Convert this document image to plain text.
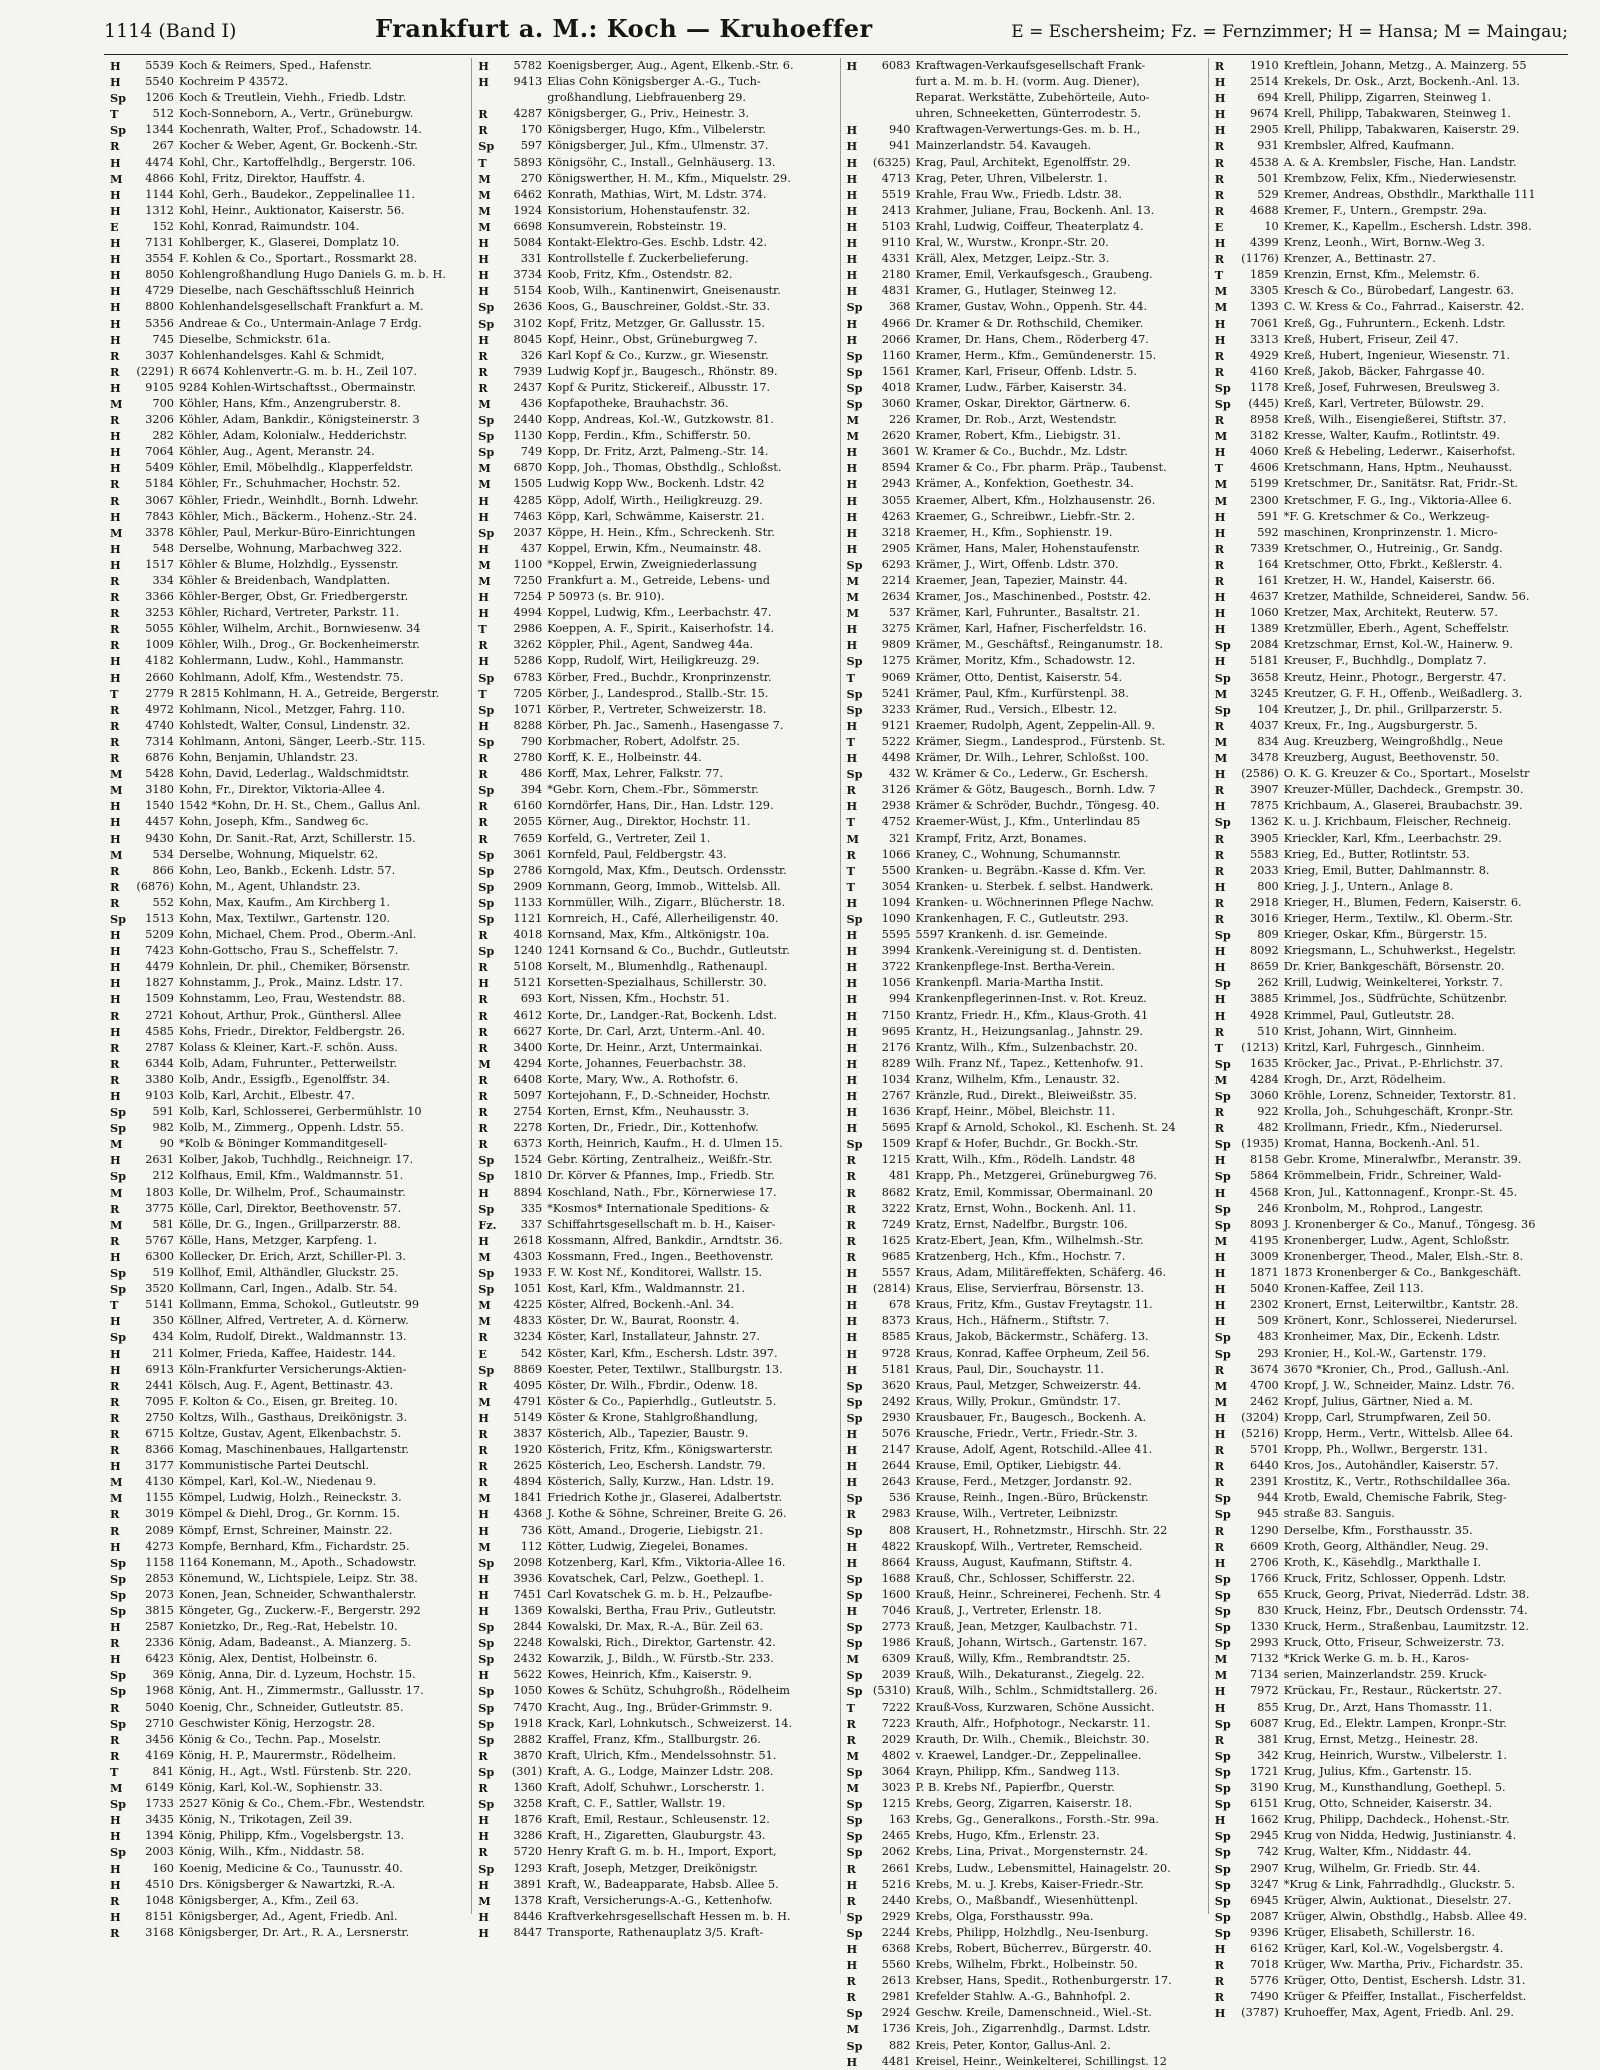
1114 (Band I)	Frankfurt a. M.: Koch — Kruhoeffer	E = Eschersheim; Fz. = Fernzimmer; H = Hansa; M = Maingau;
H	5539 Koch & Reimers, Sped., Hafenstr.
H	5540 Kochreim P 43572.
Sp	1206 Koch & Treutlein, Viehh., Friedb. Ldstr.
T	512 Koch-Sonneborn, A., Vertr., Grüneburgw.
Sp	1344 Kochenrath, Walter, Prof., Schadowstr. 14.
R	267 Kocher & Weber, Agent, Gr. Bockenh.-Str.
H	4474 Kohl, Chr., Kartoffelhdlg., Bergerstr. 106.
M	4866 Kohl, Fritz, Direktor, Hauffstr. 4.
H	1144 Kohl, Gerh., Baudekor., Zeppelinallee 11.
H	1312 Kohl, Heinr., Auktionator, Kaiserstr. 56.
E	152 Kohl, Konrad, Raimundstr. 104.
H	7131 Kohlberger, K., Glaserei, Domplatz 10.
H	3554 F. Kohlen & Co., Sportart., Rossmarkt 28.
H	8050 Kohlengroßhandlung Hugo Daniels G. m. b. H.
H	4729 Dieselbe, nach Geschäftsschluß Heinrich
H	8800 Kohlenhandelsgesellschaft Frankfurt a. M.
H	5356 Andreae & Co., Untermain-Anlage 7 Erdg.
H	745 Dieselbe, Schmickstr. 61a.
R	3037 Kohlenhandelsges. Kahl & Schmidt,
R	(2291) R 6674 Kohlenvertr.-G. m. b. H., Zeil 107.
H	9105 9284 Kohlen-Wirtschaftsst., Obermainstr.
M	700 Köhler, Hans, Kfm., Anzengruberstr. 8.
R	3206 Köhler, Adam, Bankdir., Königsteinerstr. 3
H	282 Köhler, Adam, Kolonialw., Hedderichstr.
H	7064 Köhler, Aug., Agent, Meranstr. 24.
H	5409 Köhler, Emil, Möbelhdlg., Klapperfeldstr.
R	5184 Köhler, Fr., Schuhmacher, Hochstr. 52.
R	3067 Köhler, Friedr., Weinhdlt., Bornh. Ldwehr.
H	7843 Köhler, Mich., Bäckerm., Hohenz.-Str. 24.
M	3378 Köhler, Paul, Merkur-Büro-Einrichtungen
H	548 Derselbe, Wohnung, Marbachweg 322.
H	1517 Köhler & Blume, Holzhdlg., Eyssenstr.
R	334 Köhler & Breidenbach, Wandplatten.
R	3366 Köhler-Berger, Obst, Gr. Friedbergerstr.
R	3253 Köhler, Richard, Vertreter, Parkstr. 11.
R	5055 Köhler, Wilhelm, Archit., Bornwiesenw. 34
R	1009 Köhler, Wilh., Drog., Gr. Bockenheimerstr.
H	4182 Kohlermann, Ludw., Kohl., Hammanstr.
H	2660 Kohlmann, Adolf, Kfm., Westendstr. 75.
T	2779 R 2815 Kohlmann, H. A., Getreide, Bergerstr.
R	4972 Kohlmann, Nicol., Metzger, Fahrg. 110.
R	4740 Kohlstedt, Walter, Consul, Lindenstr. 32.
R	7314 Kohlmann, Antoni, Sänger, Leerb.-Str. 115.
R	6876 Kohn, Benjamin, Uhlandstr. 23.
M	5428 Kohn, David, Lederlag., Waldschmidtstr.
M	3180 Kohn, Fr., Direktor, Viktoria-Allee 4.
H	1540 1542 *Kohn, Dr. H. St., Chem., Gallus Anl.
H	4457 Kohn, Joseph, Kfm., Sandweg 6c.
H	9430 Kohn, Dr. Sanit.-Rat, Arzt, Schillerstr. 15.
M	534 Derselbe, Wohnung, Miquelstr. 62.
R	866 Kohn, Leo, Bankb., Eckenh. Ldstr. 57.
R	(6876) Kohn, M., Agent, Uhlandstr. 23.
R	552 Kohn, Max, Kaufm., Am Kirchberg 1.
Sp	1513 Kohn, Max, Textilwr., Gartenstr. 120.
H	5209 Kohn, Michael, Chem. Prod., Oberm.-Anl.
H	7423 Kohn-Gottscho, Frau S., Scheffelstr. 7.
H	4479 Kohnlein, Dr. phil., Chemiker, Börsenstr.
H	1827 Kohnstamm, J., Prok., Mainz. Ldstr. 17.
H	1509 Kohnstamm, Leo, Frau, Westendstr. 88.
R	2721 Kohout, Arthur, Prok., Günthersl. Allee
H	4585 Kohs, Friedr., Direktor, Feldbergstr. 26.
R	2787 Kolass & Kleiner, Kart.-F. schön. Auss.
R	6344 Kolb, Adam, Fuhrunter., Petterweilstr.
R	3380 Kolb, Andr., Essigfb., Egenolffstr. 34.
H	9103 Kolb, Karl, Archit., Elbestr. 47.
Sp	591 Kolb, Karl, Schlosserei, Gerbermühlstr. 10
Sp	982 Kolb, M., Zimmerg., Oppenh. Ldstr. 55.
M	90 *Kolb & Böninger Kommanditgesell-
H	2631 Kolber, Jakob, Tuchhdlg., Reichneigr. 17.
Sp	212 Kolfhaus, Emil, Kfm., Waldmannstr. 51.
M	1803 Kolle, Dr. Wilhelm, Prof., Schaumainstr.
R	3775 Kölle, Carl, Direktor, Beethovenstr. 57.
M	581 Kölle, Dr. G., Ingen., Grillparzerstr. 88.
R	5767 Kölle, Hans, Metzger, Karpfeng. 1.
H	6300 Kollecker, Dr. Erich, Arzt, Schiller-Pl. 3.
Sp	519 Kollhof, Emil, Althändler, Gluckstr. 25.
Sp	3520 Kollmann, Carl, Ingen., Adalb. Str. 54.
T	5141 Kollmann, Emma, Schokol., Gutleutstr. 99
H	350 Köllner, Alfred, Vertreter, A. d. Körnerw.
Sp	434 Kolm, Rudolf, Direkt., Waldmannstr. 13.
H	211 Kolmer, Frieda, Kaffee, Haidestr. 144.
H	6913 Köln-Frankfurter Versicherungs-Aktien-
R	2441 Kölsch, Aug. F., Agent, Bettinastr. 43.
R	7095 F. Kolton & Co., Eisen, gr. Breiteg. 10.
R	2750 Koltzs, Wilh., Gasthaus, Dreikönigstr. 3.
R	6715 Koltze, Gustav, Agent, Elkenbachstr. 5.
R	8366 Komag, Maschinenbaues, Hallgartenstr.
H	3177 Kommunistische Partei Deutschl.
M	4130 Kömpel, Karl, Kol.-W., Niedenau 9.
M	1155 Kömpel, Ludwig, Holzh., Reineckstr. 3.
R	3019 Kömpel & Diehl, Drog., Gr. Kornm. 15.
R	2089 Kömpf, Ernst, Schreiner, Mainstr. 22.
H	4273 Kompfe, Bernhard, Kfm., Fichardstr. 25.
Sp	1158 1164 Konemann, M., Apoth., Schadowstr.
Sp	2853 Könemund, W., Lichtspiele, Leipz. Str. 38.
Sp	2073 Konen, Jean, Schneider, Schwanthalerstr.
Sp	3815 Köngeter, Gg., Zuckerw.-F., Bergerstr. 292
H	2587 Konietzko, Dr., Reg.-Rat, Hebelstr. 10.
R	2336 König, Adam, Badeanst., A. Mianzerg. 5.
H	6423 König, Alex, Dentist, Holbeinstr. 6.
Sp	369 König, Anna, Dir. d. Lyzeum, Hochstr. 15.
Sp	1968 König, Ant. H., Zimmermstr., Gallusstr. 17.
R	5040 Koenig, Chr., Schneider, Gutleutstr. 85.
Sp	2710 Geschwister König, Herzogstr. 28.
R	3456 König & Co., Techn. Pap., Moselstr.
R	4169 König, H. P., Maurermstr., Rödelheim.
T	841 König, H., Agt., Wstl. Fürstenb. Str. 220.
M	6149 König, Karl, Kol.-W., Sophienstr. 33.
Sp	1733 2527 König & Co., Chem.-Fbr., Westendstr.
H	3435 König, N., Trikotagen, Zeil 39.
H	1394 König, Philipp, Kfm., Vogelsbergstr. 13.
Sp	2003 König, Wilh., Kfm., Niddastr. 58.
H	160 Koenig, Medicine & Co., Taunusstr. 40.
H	4510 Drs. Königsberger & Nawartzki, R.-A.
R	1048 Königsberger, A., Kfm., Zeil 63.
H	8151 Königsberger, Ad., Agent, Friedb. Anl.
R	3168 Königsberger, Dr. Art., R. A., Lersnerstr.
H	5782 Koenigsberger, Aug., Agent, Elkenb.-Str. 6.
H	9413 Elias Cohn Königsberger A.-G., Tuch-
großhandlung, Liebfrauenberg 29.
R	4287 Königsberger, G., Priv., Heinestr. 3.
R	170 Königsberger, Hugo, Kfm., Vilbelerstr.
Sp	597 Königsberger, Jul., Kfm., Ulmenstr. 37.
T	5893 Königsöhr, C., Install., Gelnhäuserg. 13.
M	270 Königswerther, H. M., Kfm., Miquelstr. 29.
M	6462 Konrath, Mathias, Wirt, M. Ldstr. 374.
M	1924 Konsistorium, Hohenstaufenstr. 32.
M	6698 Konsumverein, Robsteinstr. 19.
H	5084 Kontakt-Elektro-Ges. Eschb. Ldstr. 42.
H	331 Kontrollstelle f. Zuckerbelieferung.
H	3734 Koob, Fritz, Kfm., Ostendstr. 82.
H	5154 Koob, Wilh., Kantinenwirt, Gneisenaustr.
Sp	2636 Koos, G., Bauschreiner, Goldst.-Str. 33.
Sp	3102 Kopf, Fritz, Metzger, Gr. Gallusstr. 15.
H	8045 Kopf, Heinr., Obst, Grüneburgweg 7.
R	326 Karl Kopf & Co., Kurzw., gr. Wiesenstr.
R	7939 Ludwig Kopf jr., Baugesch., Rhönstr. 89.
R	2437 Kopf & Puritz, Stickereif., Albusstr. 17.
M	436 Kopfapotheke, Brauhachstr. 36.
Sp	2440 Kopp, Andreas, Kol.-W., Gutzkowstr. 81.
Sp	1130 Kopp, Ferdin., Kfm., Schifferstr. 50.
Sp	749 Kopp, Dr. Fritz, Arzt, Palmeng.-Str. 14.
M	6870 Kopp, Joh., Thomas, Obsthdlg., Schloßst.
M	1505 Ludwig Kopp Ww., Bockenh. Ldstr. 42
H	4285 Köpp, Adolf, Wirth., Heiligkreuzg. 29.
H	7463 Köpp, Karl, Schwämme, Kaiserstr. 21.
Sp	2037 Köppe, H. Hein., Kfm., Schreckenh. Str.
H	437 Koppel, Erwin, Kfm., Neumainstr. 48.
M	1100 *Koppel, Erwin, Zweigniederlassung
M	7250 Frankfurt a. M., Getreide, Lebens- und
H	7254 P 50973 (s. Br. 910).
H	4994 Koppel, Ludwig, Kfm., Leerbachstr. 47.
T	2986 Koeppen, A. F., Spirit., Kaiserhofstr. 14.
R	3262 Köppler, Phil., Agent, Sandweg 44a.
H	5286 Kopp, Rudolf, Wirt, Heiligkreuzg. 29.
Sp	6783 Körber, Fred., Buchdr., Kronprinzenstr.
T	7205 Körber, J., Landesprod., Stallb.-Str. 15.
Sp	1071 Körber, P., Vertreter, Schweizerstr. 18.
H	8288 Körber, Ph. Jac., Samenh., Hasengasse 7.
Sp	790 Korbmacher, Robert, Adolfstr. 25.
R	2780 Korff, K. E., Holbeinstr. 44.
R	486 Korff, Max, Lehrer, Falkstr. 77.
Sp	394 *Gebr. Korn, Chem.-Fbr., Sömmerstr.
R	6160 Korndörfer, Hans, Dir., Han. Ldstr. 129.
R	2055 Körner, Aug., Direktor, Hochstr. 11.
R	7659 Korfeld, G., Vertreter, Zeil 1.
Sp	3061 Kornfeld, Paul, Feldbergstr. 43.
Sp	2786 Korngold, Max, Kfm., Deutsch. Ordensstr.
Sp	2909 Kornmann, Georg, Immob., Wittelsb. All.
Sp	1133 Kornmüller, Wilh., Zigarr., Blücherstr. 18.
Sp	1121 Kornreich, H., Café, Allerheiligenstr. 40.
R	4018 Kornsand, Max, Kfm., Altkönigstr. 10a.
Sp	1240 1241 Kornsand & Co., Buchdr., Gutleutstr.
R	5108 Korselt, M., Blumenhdlg., Rathenaupl.
H	5121 Korsetten-Spezialhaus, Schillerstr. 30.
R	693 Kort, Nissen, Kfm., Hochstr. 51.
R	4612 Korte, Dr., Landger.-Rat, Bockenh. Ldst.
R	6627 Korte, Dr. Carl, Arzt, Unterm.-Anl. 40.
R	3400 Korte, Dr. Heinr., Arzt, Untermainkai.
M	4294 Korte, Johannes, Feuerbachstr. 38.
R	6408 Korte, Mary, Ww., A. Rothofstr. 6.
R	5097 Kortejohann, F., D.-Schneider, Hochstr.
R	2754 Korten, Ernst, Kfm., Neuhausstr. 3.
R	2278 Korten, Dr., Friedr., Dir., Kottenhofw.
R	6373 Korth, Heinrich, Kaufm., H. d. Ulmen 15.
Sp	1524 Gebr. Körting, Zentralheiz., Weißfr.-Str.
Sp	1810 Dr. Körver & Pfannes, Imp., Friedb. Str.
H	8894 Koschland, Nath., Fbr., Körnerwiese 17.
Sp	335 *Kosmos* Internationale Speditions- &
Fz.	337 Schiffahrtsgesellschaft m. b. H., Kaiser-
H	2618 Kossmann, Alfred, Bankdir., Arndtstr. 36.
M	4303 Kossmann, Fred., Ingen., Beethovenstr.
Sp	1933 F. W. Kost Nf., Konditorei, Wallstr. 15.
Sp	1051 Kost, Karl, Kfm., Waldmannstr. 21.
M	4225 Köster, Alfred, Bockenh.-Anl. 34.
M	4833 Köster, Dr. W., Baurat, Roonstr. 4.
R	3234 Köster, Karl, Installateur, Jahnstr. 27.
E	542 Köster, Karl, Kfm., Eschersh. Ldstr. 397.
Sp	8869 Koester, Peter, Textilwr., Stallburgstr. 13.
R	4095 Köster, Dr. Wilh., Fbrdir., Odenw. 18.
M	4791 Köster & Co., Papierhdlg., Gutleutstr. 5.
H	5149 Köster & Krone, Stahlgroßhandlung,
R	3837 Kösterich, Alb., Tapezier, Baustr. 9.
R	1920 Kösterich, Fritz, Kfm., Königswarterstr.
R	2625 Kösterich, Leo, Eschersh. Landstr. 79.
R	4894 Kösterich, Sally, Kurzw., Han. Ldstr. 19.
M	1841 Friedrich Kothe jr., Glaserei, Adalbertstr.
H	4368 J. Kothe & Söhne, Schreiner, Breite G. 26.
H	736 Kött, Amand., Drogerie, Liebigstr. 21.
M	112 Kötter, Ludwig, Ziegelei, Bonames.
Sp	2098 Kotzenberg, Karl, Kfm., Viktoria-Allee 16.
H	3936 Kovatschek, Carl, Pelzw., Goethepl. 1.
H	7451 Carl Kovatschek G. m. b. H., Pelzaufbe-
H	1369 Kowalski, Bertha, Frau Priv., Gutleutstr.
Sp	2844 Kowalski, Dr. Max, R.-A., Bür. Zeil 63.
Sp	2248 Kowalski, Rich., Direktor, Gartenstr. 42.
Sp	2432 Kowarzik, J., Bildh., W. Fürstb.-Str. 233.
H	5622 Kowes, Heinrich, Kfm., Kaiserstr. 9.
Sp	1050 Kowes & Schütz, Schuhgroßh., Rödelheim
Sp	7470 Kracht, Aug., Ing., Brüder-Grimmstr. 9.
Sp	1918 Krack, Karl, Lohnkutsch., Schweizerst. 14.
Sp	2882 Kraffel, Franz, Kfm., Stallburgstr. 26.
R	3870 Kraft, Ulrich, Kfm., Mendelssohnstr. 51.
Sp	(301) Kraft, A. G., Lodge, Mainzer Ldstr. 208.
R	1360 Kraft, Adolf, Schuhwr., Lorscherstr. 1.
Sp	3258 Kraft, C. F., Sattler, Wallstr. 19.
H	1876 Kraft, Emil, Restaur., Schleusenstr. 12.
H	3286 Kraft, H., Zigaretten, Glauburgstr. 43.
R	5720 Henry Kraft G. m. b. H., Import, Export,
Sp	1293 Kraft, Joseph, Metzger, Dreikönigstr.
H	3891 Kraft, W., Badeapparate, Habsb. Allee 5.
M	1378 Kraft, Versicherungs-A.-G., Kettenhofw.
H	8446 Kraftverkehrsgesellschaft Hessen m. b. H.
H	8447 Transporte, Rathenauplatz 3/5. Kraft-
H	6083 Kraftwagen-Verkaufsgesellschaft Frank-
furt a. M. m. b. H. (vorm. Aug. Diener),
Reparat. Werkstätte, Zubehörteile, Auto-
uhren, Schneeketten, Günterrodestr. 5.
H	940 Kraftwagen-Verwertungs-Ges. m. b. H.,
H	941 Mainzerlandstr. 54. Kavaugeh.
H	(6325) Krag, Paul, Architekt, Egenolffstr. 29.
H	4713 Krag, Peter, Uhren, Vilbelerstr. 1.
H	5519 Krahle, Frau Ww., Friedb. Ldstr. 38.
H	2413 Krahmer, Juliane, Frau, Bockenh. Anl. 13.
H	5103 Krahl, Ludwig, Coiffeur, Theaterplatz 4.
H	9110 Kral, W., Wurstw., Kronpr.-Str. 20.
H	4331 Kräll, Alex, Metzger, Leipz.-Str. 3.
H	2180 Kramer, Emil, Verkaufsgesch., Graubeng.
H	4831 Kramer, G., Hutlager, Steinweg 12.
Sp	368 Kramer, Gustav, Wohn., Oppenh. Str. 44.
H	4966 Dr. Kramer & Dr. Rothschild, Chemiker.
H	2066 Kramer, Dr. Hans, Chem., Röderberg 47.
Sp	1160 Kramer, Herm., Kfm., Gemündenerstr. 15.
Sp	1561 Kramer, Karl, Friseur, Offenb. Ldstr. 5.
Sp	4018 Kramer, Ludw., Färber, Kaiserstr. 34.
Sp	3060 Kramer, Oskar, Direktor, Gärtnerw. 6.
M	226 Kramer, Dr. Rob., Arzt, Westendstr.
M	2620 Kramer, Robert, Kfm., Liebigstr. 31.
H	3601 W. Kramer & Co., Buchdr., Mz. Ldstr.
H	8594 Kramer & Co., Fbr. pharm. Präp., Taubenst.
H	2943 Krämer, A., Konfektion, Goethestr. 34.
H	3055 Kraemer, Albert, Kfm., Holzhausenstr. 26.
H	4263 Kraemer, G., Schreibwr., Liebfr.-Str. 2.
H	3218 Kraemer, H., Kfm., Sophienstr. 19.
H	2905 Krämer, Hans, Maler, Hohenstaufenstr.
Sp	6293 Krämer, J., Wirt, Offenb. Ldstr. 370.
M	2214 Kraemer, Jean, Tapezier, Mainstr. 44.
M	2634 Kramer, Jos., Maschinenbed., Poststr. 42.
M	537 Krämer, Karl, Fuhrunter., Basaltstr. 21.
H	3275 Krämer, Karl, Hafner, Fischerfeldstr. 16.
H	9809 Krämer, M., Geschäftsf., Reinganumstr. 18.
Sp	1275 Krämer, Moritz, Kfm., Schadowstr. 12.
T	9069 Krämer, Otto, Dentist, Kaiserstr. 54.
Sp	5241 Krämer, Paul, Kfm., Kurfürstenpl. 38.
Sp	3233 Krämer, Rud., Versich., Elbestr. 12.
H	9121 Kraemer, Rudolph, Agent, Zeppelin-All. 9.
T	5222 Krämer, Siegm., Landesprod., Fürstenb. St.
H	4498 Krämer, Dr. Wilh., Lehrer, Schloßst. 100.
Sp	432 W. Krämer & Co., Lederw., Gr. Eschersh.
R	3126 Krämer & Götz, Baugesch., Bornh. Ldw. 7
H	2938 Krämer & Schröder, Buchdr., Töngesg. 40.
T	4752 Kraemer-Wüst, J., Kfm., Unterlindau 85
M	321 Krampf, Fritz, Arzt, Bonames.
R	1066 Kraney, C., Wohnung, Schumannstr.
T	5500 Kranken- u. Begräbn.-Kasse d. Kfm. Ver.
T	3054 Kranken- u. Sterbek. f. selbst. Handwerk.
H	1094 Kranken- u. Wöchnerinnen Pflege Nachw.
Sp	1090 Krankenhagen, F. C., Gutleutstr. 293.
H	5595 5597 Krankenh. d. isr. Gemeinde.
H	3994 Krankenk.-Vereinigung st. d. Dentisten.
H	3722 Krankenpflege-Inst. Bertha-Verein.
H	1056 Krankenpfl. Maria-Martha Instit.
H	994 Krankenpflegerinnen-Inst. v. Rot. Kreuz.
H	7150 Krantz, Friedr. H., Kfm., Klaus-Groth. 41
H	9695 Krantz, H., Heizungsanlag., Jahnstr. 29.
H	2176 Krantz, Wilh., Kfm., Sulzenbachstr. 20.
H	8289 Wilh. Franz Nf., Tapez., Kettenhofw. 91.
H	1034 Kranz, Wilhelm, Kfm., Lenaustr. 32.
H	2767 Kränzle, Rud., Direkt., Bleiweißstr. 35.
H	1636 Krapf, Heinr., Möbel, Bleichstr. 11.
H	5695 Krapf & Arnold, Schokol., Kl. Eschenh. St. 24
Sp	1509 Krapf & Hofer, Buchdr., Gr. Bockh.-Str.
R	1215 Kratt, Wilh., Kfm., Rödelh. Landstr. 48
R	481 Krapp, Ph., Metzgerei, Grüneburgweg 76.
R	8682 Kratz, Emil, Kommissar, Obermainanl. 20
R	3222 Kratz, Ernst, Wohn., Bockenh. Anl. 11.
R	7249 Kratz, Ernst, Nadelfbr., Burgstr. 106.
R	1625 Kratz-Ebert, Jean, Kfm., Wilhelmsh.-Str.
R	9685 Kratzenberg, Hch., Kfm., Hochstr. 7.
H	5557 Kraus, Adam, Militäreffekten, Schäferg. 46.
H	(2814) Kraus, Elise, Servierfrau, Börsenstr. 13.
H	678 Kraus, Fritz, Kfm., Gustav Freytagstr. 11.
H	8373 Kraus, Hch., Häfnerm., Stiftstr. 7.
H	8585 Kraus, Jakob, Bäckermstr., Schäferg. 13.
H	9728 Kraus, Konrad, Kaffee Orpheum, Zeil 56.
H	5181 Kraus, Paul, Dir., Souchaystr. 11.
Sp	3620 Kraus, Paul, Metzger, Schweizerstr. 44.
Sp	2492 Kraus, Willy, Prokur., Gmündstr. 17.
Sp	2930 Krausbauer, Fr., Baugesch., Bockenh. A.
H	5076 Krausche, Friedr., Vertr., Friedr.-Str. 3.
H	2147 Krause, Adolf, Agent, Rotschild.-Allee 41.
H	2644 Krause, Emil, Optiker, Liebigstr. 44.
H	2643 Krause, Ferd., Metzger, Jordanstr. 92.
Sp	536 Krause, Reinh., Ingen.-Büro, Brückenstr.
R	2983 Krause, Wilh., Vertreter, Leibnizstr.
Sp	808 Krausert, H., Rohnetzmstr., Hirschh. Str. 22
H	4822 Krauskopf, Wilh., Vertreter, Remscheid.
H	8664 Krauss, August, Kaufmann, Stiftstr. 4.
Sp	1688 Krauß, Chr., Schlosser, Schifferstr. 22.
Sp	1600 Krauß, Heinr., Schreinerei, Fechenh. Str. 4
H	7046 Krauß, J., Vertreter, Erlenstr. 18.
Sp	2773 Krauß, Jean, Metzger, Kaulbachstr. 71.
Sp	1986 Krauß, Johann, Wirtsch., Gartenstr. 167.
M	6309 Krauß, Willy, Kfm., Rembrandtstr. 25.
Sp	2039 Krauß, Wilh., Dekaturanst., Ziegelg. 22.
Sp (5310) Krauß, Wilh., Schlm., Schmidtstallerg. 26.
T	7222 Krauß-Voss, Kurzwaren, Schöne Aussicht.
R	7223 Krauth, Alfr., Hofphotogr., Neckarstr. 11.
R	2029 Krauth, Dr. Wilh., Chemik., Bleichstr. 30.
M	4802 v. Kraewel, Landger.-Dr., Zeppelinallee.
Sp	3064 Krayn, Philipp, Kfm., Sandweg 113.
M	3023 P. B. Krebs Nf., Papierfbr., Querstr.
Sp	1215 Krebs, Georg, Zigarren, Kaiserstr. 18.
Sp	163 Krebs, Gg., Generalkons., Forsth.-Str. 99a.
Sp	2465 Krebs, Hugo, Kfm., Erlenstr. 23.
Sp	2062 Krebs, Lina, Privat., Morgensternstr. 24.
R	2661 Krebs, Ludw., Lebensmittel, Hainagelstr. 20.
H	5216 Krebs, M. u. J. Krebs, Kaiser-Friedr.-Str.
R	2440 Krebs, O., Maßbandf., Wiesenhüttenpl.
Sp	2929 Krebs, Olga, Forsthausstr. 99a.
Sp	2244 Krebs, Philipp, Holzhdlg., Neu-Isenburg.
H	6368 Krebs, Robert, Bücherrev., Bürgerstr. 40.
H	5560 Krebs, Wilhelm, Fbrkt., Holbeinstr. 50.
R	2613 Krebser, Hans, Spedit., Rothenburgerstr. 17.
R	2981 Krefelder Stahlw. A.-G., Bahnhofpl. 2.
Sp	2924 Geschw. Kreile, Damenschneid., Wiel.-St.
M	1736 Kreis, Joh., Zigarrenhdlg., Darmst. Ldstr.
Sp	882 Kreis, Peter, Kontor, Gallus-Anl. 2.
H	4481 Kreisel, Heinr., Weinkelterei, Schillingst. 12
R	1910 Kreftlein, Johann, Metzg., A. Mainzerg. 55
H	2514 Krekels, Dr. Osk., Arzt, Bockenh.-Anl. 13.
H	694 Krell, Philipp, Zigarren, Steinweg 1.
H	9674 Krell, Philipp, Tabakwaren, Steinweg 1.
H	2905 Krell, Philipp, Tabakwaren, Kaiserstr. 29.
R	931 Krembsler, Alfred, Kaufmann.
R	4538 A. & A. Krembsler, Fische, Han. Landstr.
R	501 Krembzow, Felix, Kfm., Niederwiesenstr.
R	529 Kremer, Andreas, Obsthdlr., Markthalle 111
R	4688 Kremer, F., Untern., Grempstr. 29a.
E	10 Kremer, K., Kapellm., Eschersh. Ldstr. 398.
H	4399 Krenz, Leonh., Wirt, Bornw.-Weg 3.
R	(1176) Krenzer, A., Bettinastr. 27.
T	1859 Krenzin, Ernst, Kfm., Melemstr. 6.
M	3305 Kresch & Co., Bürobedarf, Langestr. 63.
M	1393 C. W. Kress & Co., Fahrrad., Kaiserstr. 42.
H	7061 Kreß, Gg., Fuhruntern., Eckenh. Ldstr.
H	3313 Kreß, Hubert, Friseur, Zeil 47.
R	4929 Kreß, Hubert, Ingenieur, Wiesenstr. 71.
R	4160 Kreß, Jakob, Bäcker, Fahrgasse 40.
Sp	1178 Kreß, Josef, Fuhrwesen, Breulsweg 3.
Sp	(445) Kreß, Karl, Vertreter, Bülowstr. 29.
R	8958 Kreß, Wilh., Eisengießerei, Stiftstr. 37.
M	3182 Kresse, Walter, Kaufm., Rotlintstr. 49.
H	4060 Kreß & Hebeling, Lederwr., Kaiserhofst.
T	4606 Kretschmann, Hans, Hptm., Neuhausst.
M	5199 Kretschmer, Dr., Sanitätsr. Rat, Fridr.-St.
M	2300 Kretschmer, F. G., Ing., Viktoria-Allee 6.
H	591 *F. G. Kretschmer & Co., Werkzeug-
H	592 maschinen, Kronprinzenstr. 1. Micro-
R	7339 Kretschmer, O., Hutreinig., Gr. Sandg.
R	164 Kretschmer, Otto, Fbrkt., Keßlerstr. 4.
R	161 Kretzer, H. W., Handel, Kaiserstr. 66.
H	4637 Kretzer, Mathilde, Schneiderei, Sandw. 56.
H	1060 Kretzer, Max, Architekt, Reuterw. 57.
H	1389 Kretzmüller, Eberh., Agent, Scheffelstr.
Sp	2084 Kretzschmar, Ernst, Kol.-W., Hainerw. 9.
H	5181 Kreuser, F., Buchhdlg., Domplatz 7.
Sp	3658 Kreutz, Heinr., Photogr., Bergerstr. 47.
M	3245 Kreutzer, G. F. H., Offenb., Weißadlerg. 3.
Sp	104 Kreutzer, J., Dr. phil., Grillparzerstr. 5.
R	4037 Kreux, Fr., Ing., Augsburgerstr. 5.
M	834 Aug. Kreuzberg, Weingroßhdlg., Neue
M	3478 Kreuzberg, August, Beethovenstr. 50.
H	(2586) O. K. G. Kreuzer & Co., Sportart., Moselstr
R	3907 Kreuzer-Müller, Dachdeck., Grempstr. 30.
H	7875 Krichbaum, A., Glaserei, Braubachstr. 39.
Sp	1362 K. u. J. Krichbaum, Fleischer, Rechneig.
R	3905 Krieckler, Karl, Kfm., Leerbachstr. 29.
R	5583 Krieg, Ed., Butter, Rotlintstr. 53.
R	2033 Krieg, Emil, Butter, Dahlmannstr. 8.
H	800 Krieg, J. J., Untern., Anlage 8.
R	2918 Krieger, H., Blumen, Federn, Kaiserstr. 6.
R	3016 Krieger, Herm., Textilw., Kl. Oberm.-Str.
Sp	809 Krieger, Oskar, Kfm., Bürgerstr. 15.
H	8092 Kriegsmann, L., Schuhwerkst., Hegelstr.
H	8659 Dr. Krier, Bankgeschäft, Börsenstr. 20.
Sp	262 Krill, Ludwig, Weinkelterei, Yorkstr. 7.
H	3885 Krimmel, Jos., Südfrüchte, Schützenbr.
H	4928 Krimmel, Paul, Gutleutstr. 28.
R	510 Krist, Johann, Wirt, Ginnheim.
T	(1213) Kritzl, Karl, Fuhrgesch., Ginnheim.
Sp	1635 Kröcker, Jac., Privat., P.-Ehrlichstr. 37.
M	4284 Krogh, Dr., Arzt, Rödelheim.
Sp	3060 Kröhle, Lorenz, Schneider, Textorstr. 81.
R	922 Krolla, Joh., Schuhgeschäft, Kronpr.-Str.
R	482 Krollmann, Friedr., Kfm., Niederursel.
Sp (1935) Kromat, Hanna, Bockenh.-Anl. 51.
H	8158 Gebr. Krome, Mineralwfbr., Meranstr. 39.
Sp	5864 Krömmelbein, Fridr., Schreiner, Wald-
H	4568 Kron, Jul., Kattonnagenf., Kronpr.-St. 45.
Sp	246 Kronbolm, M., Rohprod., Langestr.
Sp	8093 J. Kronenberger & Co., Manuf., Töngesg. 36
M	4195 Kronenberger, Ludw., Agent, Schloßstr.
H	3009 Kronenberger, Theod., Maler, Elsh.-Str. 8.
H	1871 1873 Kronenberger & Co., Bankgeschäft.
H	5040 Kronen-Kaffee, Zeil 113.
H	2302 Kronert, Ernst, Leiterwiltbr., Kantstr. 28.
H	509 Krönert, Konr., Schlosserei, Niederursel.
Sp	483 Kronheimer, Max, Dir., Eckenh. Ldstr.
Sp	293 Kronier, H., Kol.-W., Gartenstr. 179.
R	3674 3670 *Kronier, Ch., Prod., Gallush.-Anl.
M	4700 Kropf, J. W., Schneider, Mainz. Ldstr. 76.
M	2462 Kropf, Julius, Gärtner, Nied a. M.
H	(3204) Kropp, Carl, Strumpfwaren, Zeil 50.
H	(5216) Kropp, Herm., Vertr., Wittelsb. Allee 64.
R	5701 Kropp, Ph., Wollwr., Bergerstr. 131.
R	6440 Kros, Jos., Autohändler, Kaiserstr. 57.
R	2391 Krostitz, K., Vertr., Rothschildallee 36a.
Sp	944 Krotb, Ewald, Chemische Fabrik, Steg-
Sp	945 straße 83. Sanguis.
R	1290 Derselbe, Kfm., Forsthausstr. 35.
R	6609 Kroth, Georg, Althändler, Neug. 29.
H	2706 Kroth, K., Käsehdlg., Markthalle I.
Sp	1766 Kruck, Fritz, Schlosser, Oppenh. Ldstr.
Sp	655 Kruck, Georg, Privat, Niederräd. Ldstr. 38.
Sp	830 Kruck, Heinz, Fbr., Deutsch Ordensstr. 74.
Sp	1330 Kruck, Herm., Straßenbau, Laumitzstr. 12.
Sp	2993 Kruck, Otto, Friseur, Schweizerstr. 73.
M	7132 *Krick Werke G. m. b. H., Karos-
M	7134 serien, Mainzerlandstr. 259. Kruck-
H	7972 Krückau, Fr., Restaur., Rückertstr. 27.
H	855 Krug, Dr., Arzt, Hans Thomasstr. 11.
Sp	6087 Krug, Ed., Elektr. Lampen, Kronpr.-Str.
R	381 Krug, Ernst, Metzg., Heinestr. 28.
Sp	342 Krug, Heinrich, Wurstw., Vilbelerstr. 1.
Sp	1721 Krug, Julius, Kfm., Gartenstr. 15.
Sp	3190 Krug, M., Kunsthandlung, Goethepl. 5.
Sp	6151 Krug, Otto, Schneider, Kaiserstr. 34.
H	1662 Krug, Philipp, Dachdeck., Hohenst.-Str.
Sp	2945 Krug von Nidda, Hedwig, Justinianstr. 4.
Sp	742 Krug, Walter, Kfm., Niddastr. 44.
Sp	2907 Krug, Wilhelm, Gr. Friedb. Str. 44.
Sp	3247 *Krug & Link, Fahrradhdlg., Gluckstr. 5.
Sp	6945 Krüger, Alwin, Auktionat., Dieselstr. 27.
Sp	2087 Krüger, Alwin, Obsthdlg., Habsb. Allee 49.
Sp	9396 Krüger, Elisabeth, Schillerstr. 16.
H	6162 Krüger, Karl, Kol.-W., Vogelsbergstr. 4.
R	7018 Krüger, Ww. Martha, Priv., Fichardstr. 35.
R	5776 Krüger, Otto, Dentist, Eschersh. Ldstr. 31.
R	7490 Krüger & Pfeiffer, Installat., Fischerfeldst.
H	(3787) Kruhoeffer, Max, Agent, Friedb. Anl. 29.
